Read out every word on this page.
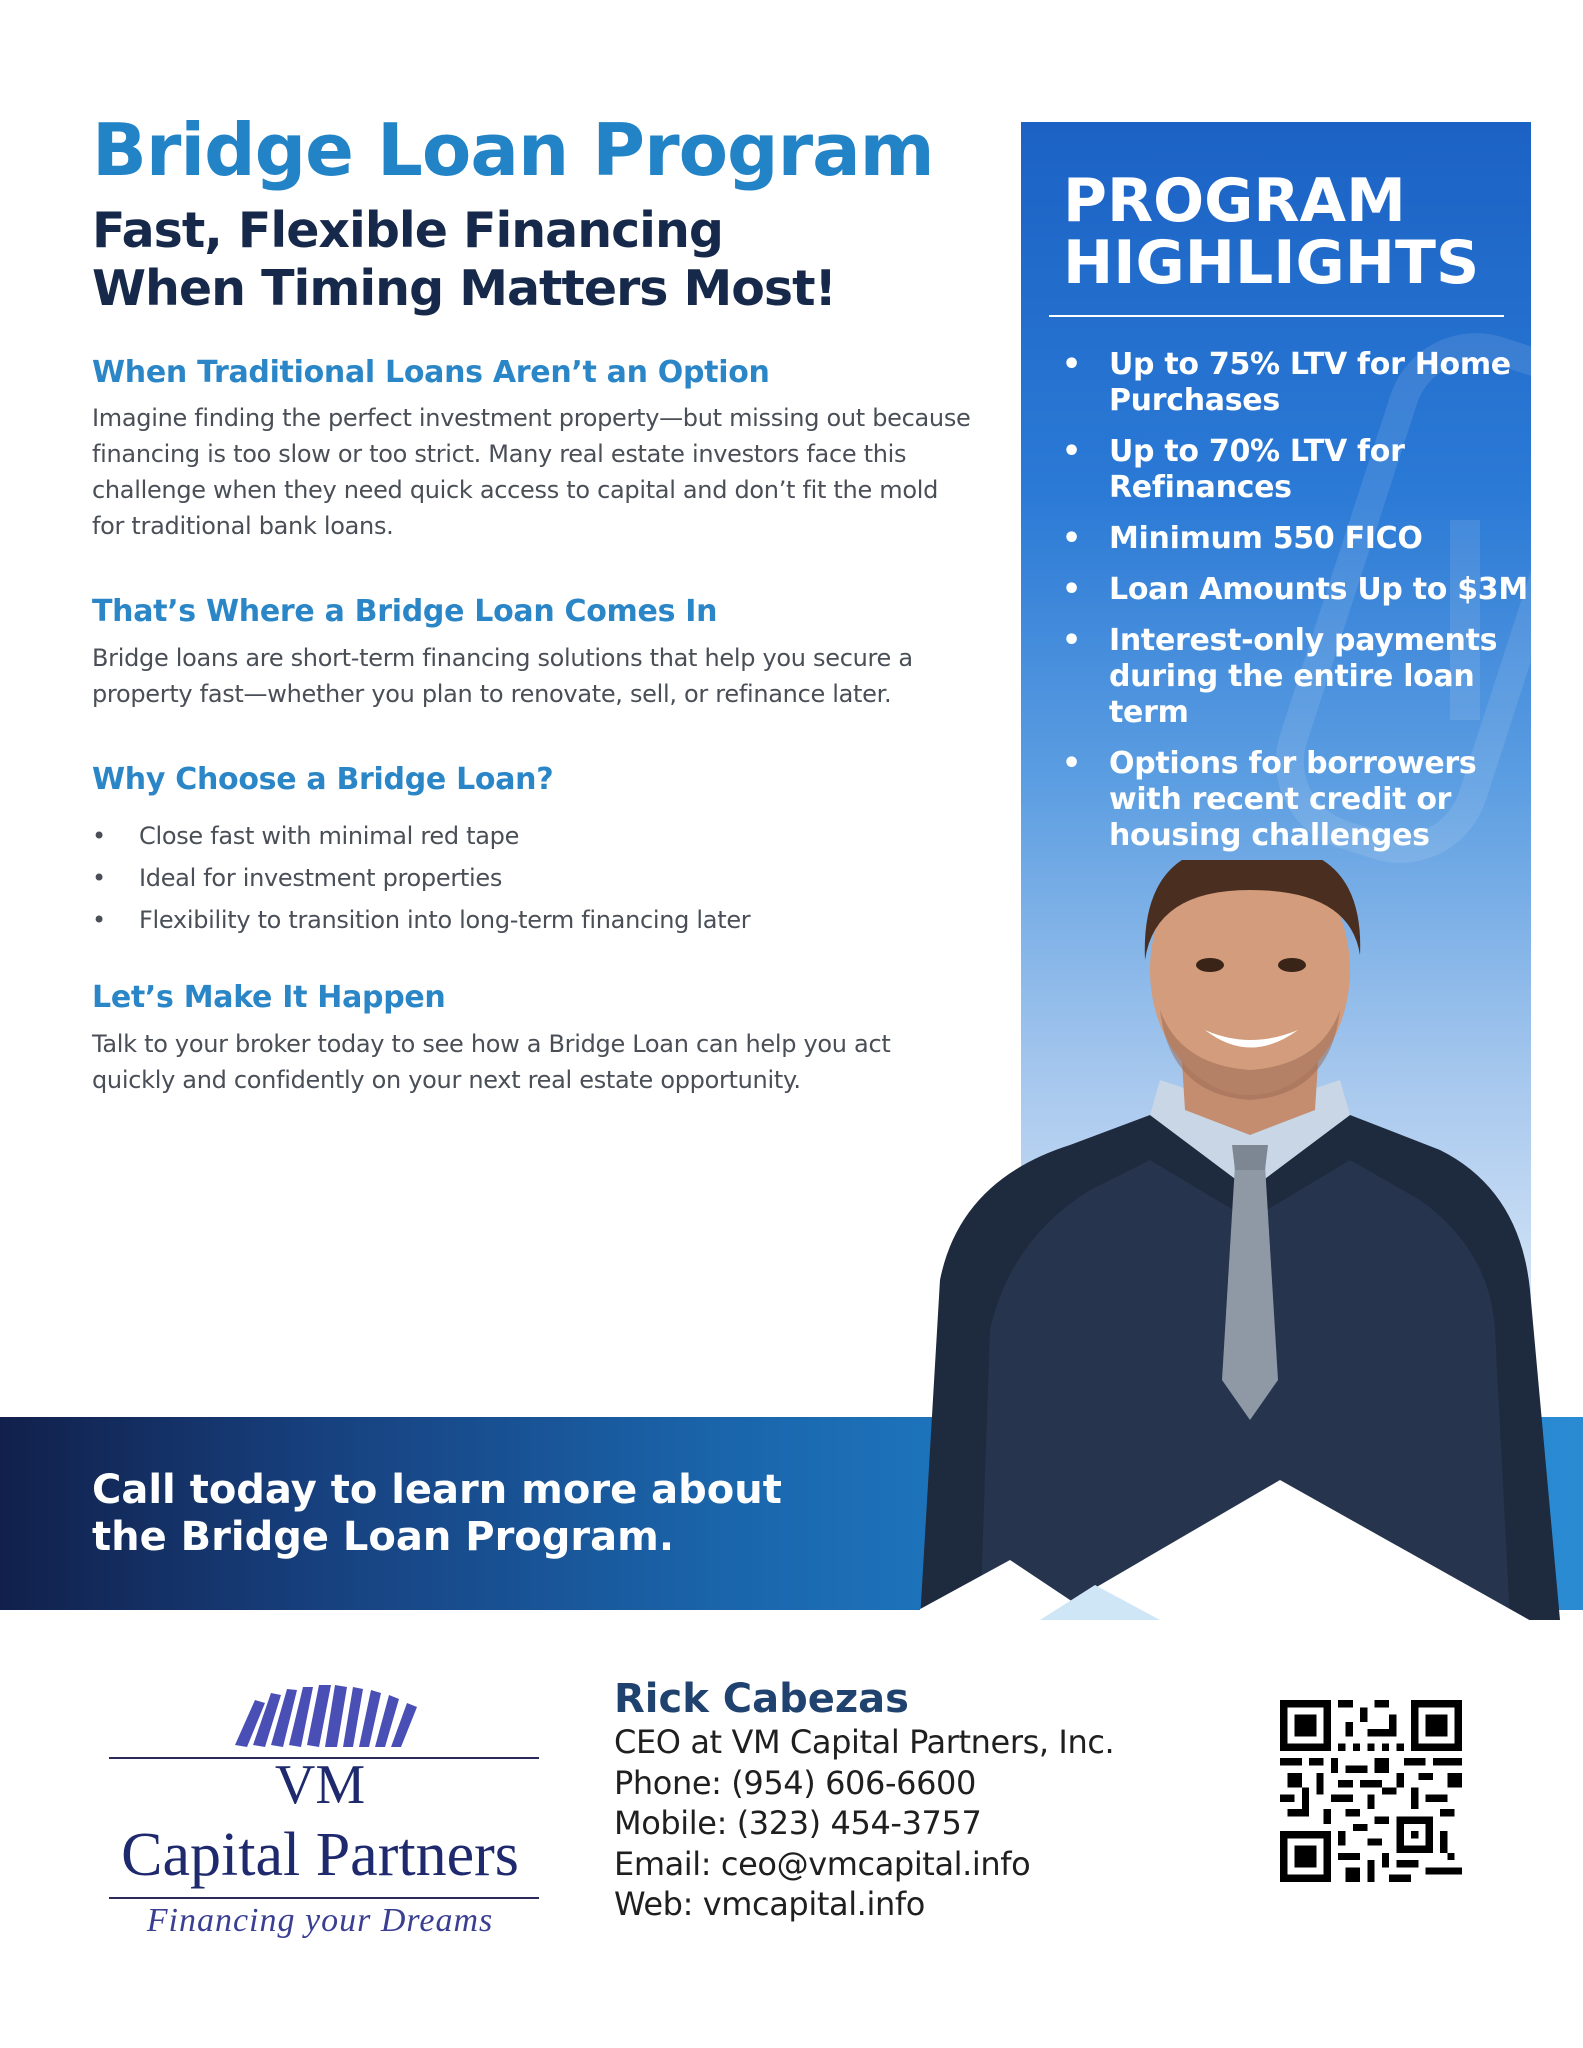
Bridge Loan Program
Fast, Flexible Financing When Timing Matters Most!
When Traditional Loans Aren’t an Option

Imagine finding the perfect investment property—but missing out because financing is too slow or too strict. Many real estate investors face this challenge when they need quick access to capital and don’t fit the mold for traditional bank loans.

That’s Where a Bridge Loan Comes In

Bridge loans are short-term financing solutions that help you secure a property fast—whether you plan to renovate, sell, or refinance later.

Why Choose a Bridge Loan?
• Close fast with minimal red tape
• Ideal for investment properties
• Flexibility to transition into long-term financing later
Let’s Make It Happen

Talk to your broker today to see how a Bridge Loan can help you act quickly and confidently on your next real estate opportunity.

PROGRAM HIGHLIGHTS
• Up to 75% LTV for Home Purchases
• Up to 70% LTV for Refinances
• Minimum 550 FICO
• Loan Amounts Up to $3M
• Interest-only payments during the entire loan term
• Options for borrowers with recent credit or housing challenges

Call today to learn more about the Bridge Loan Program.

VM

Capital Partners

Financing your Dreams

Rick Cabezas
CEO at VM Capital Partners, Inc.
Phone: (954) 606-6600
Mobile: (323) 454-3757
Email: ceo@vmcapital.info
Web: vmcapital.info
